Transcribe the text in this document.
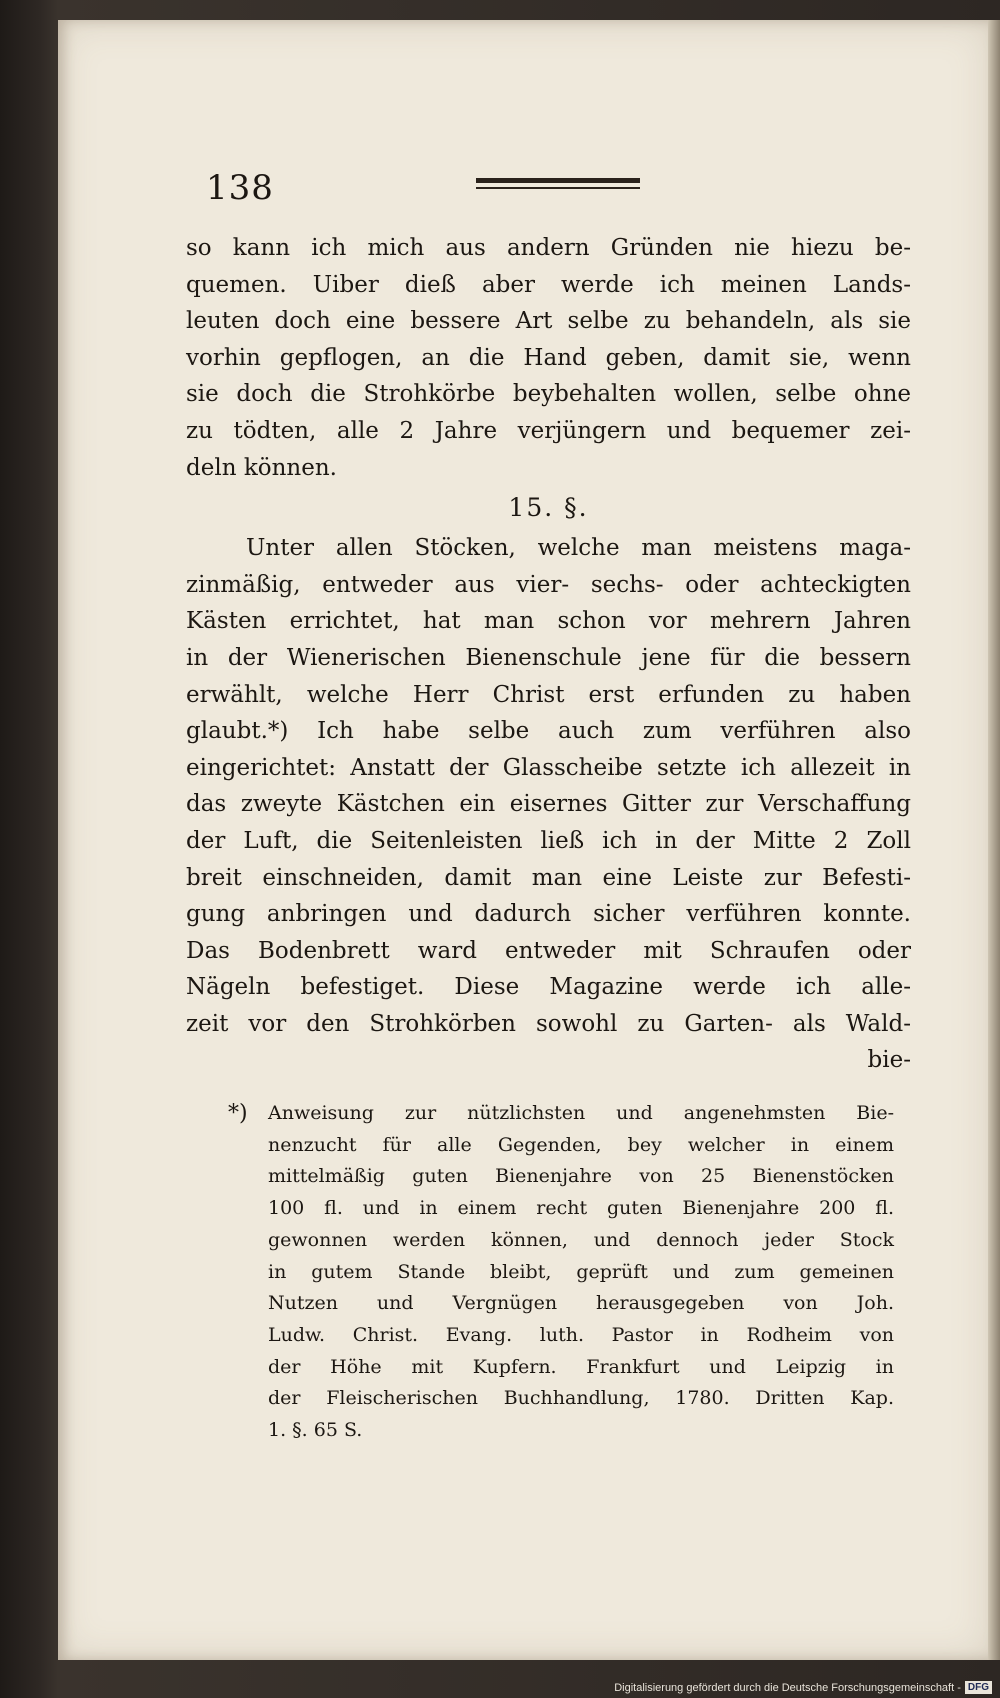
138
so kann ich mich aus andern Gründen nie hiezu be-
quemen. Uiber dieß aber werde ich meinen Lands-
leuten doch eine bessere Art selbe zu behandeln, als sie
vorhin gepflogen, an die Hand geben, damit sie, wenn
sie doch die Strohkörbe beybehalten wollen, selbe ohne
zu tödten, alle 2 Jahre verjüngern und bequemer zei-
deln können.
15. §.
Unter allen Stöcken, welche man meistens maga-
zinmäßig, entweder aus vier- sechs- oder achteckigten
Kästen errichtet, hat man schon vor mehrern Jahren
in der Wienerischen Bienenschule jene für die bessern
erwählt, welche Herr Christ erst erfunden zu haben
glaubt.*) Ich habe selbe auch zum verführen also
eingerichtet: Anstatt der Glasscheibe setzte ich allezeit in
das zweyte Kästchen ein eisernes Gitter zur Verschaffung
der Luft, die Seitenleisten ließ ich in der Mitte 2 Zoll
breit einschneiden, damit man eine Leiste zur Befesti-
gung anbringen und dadurch sicher verführen konnte.
Das Bodenbrett ward entweder mit Schraufen oder
Nägeln befestiget. Diese Magazine werde ich alle-
zeit vor den Strohkörben sowohl zu Garten- als Wald-
bie-
*)	Anweisung zur nützlichsten und angenehmsten Bie-
nenzucht für alle Gegenden, bey welcher in einem
mittelmäßig guten Bienenjahre von 25 Bienenstöcken
100 fl. und in einem recht guten Bienenjahre 200 fl.
gewonnen werden können, und dennoch jeder Stock
in gutem Stande bleibt, geprüft und zum gemeinen
Nutzen und Vergnügen herausgegeben von Joh.
Ludw. Christ. Evang. luth. Pastor in Rodheim von
der Höhe mit Kupfern. Frankfurt und Leipzig in
der Fleischerischen Buchhandlung, 1780. Dritten Kap.
1. §. 65 S.
Digitalisierung gefördert durch die Deutsche Forschungsgemeinschaft - DFG
